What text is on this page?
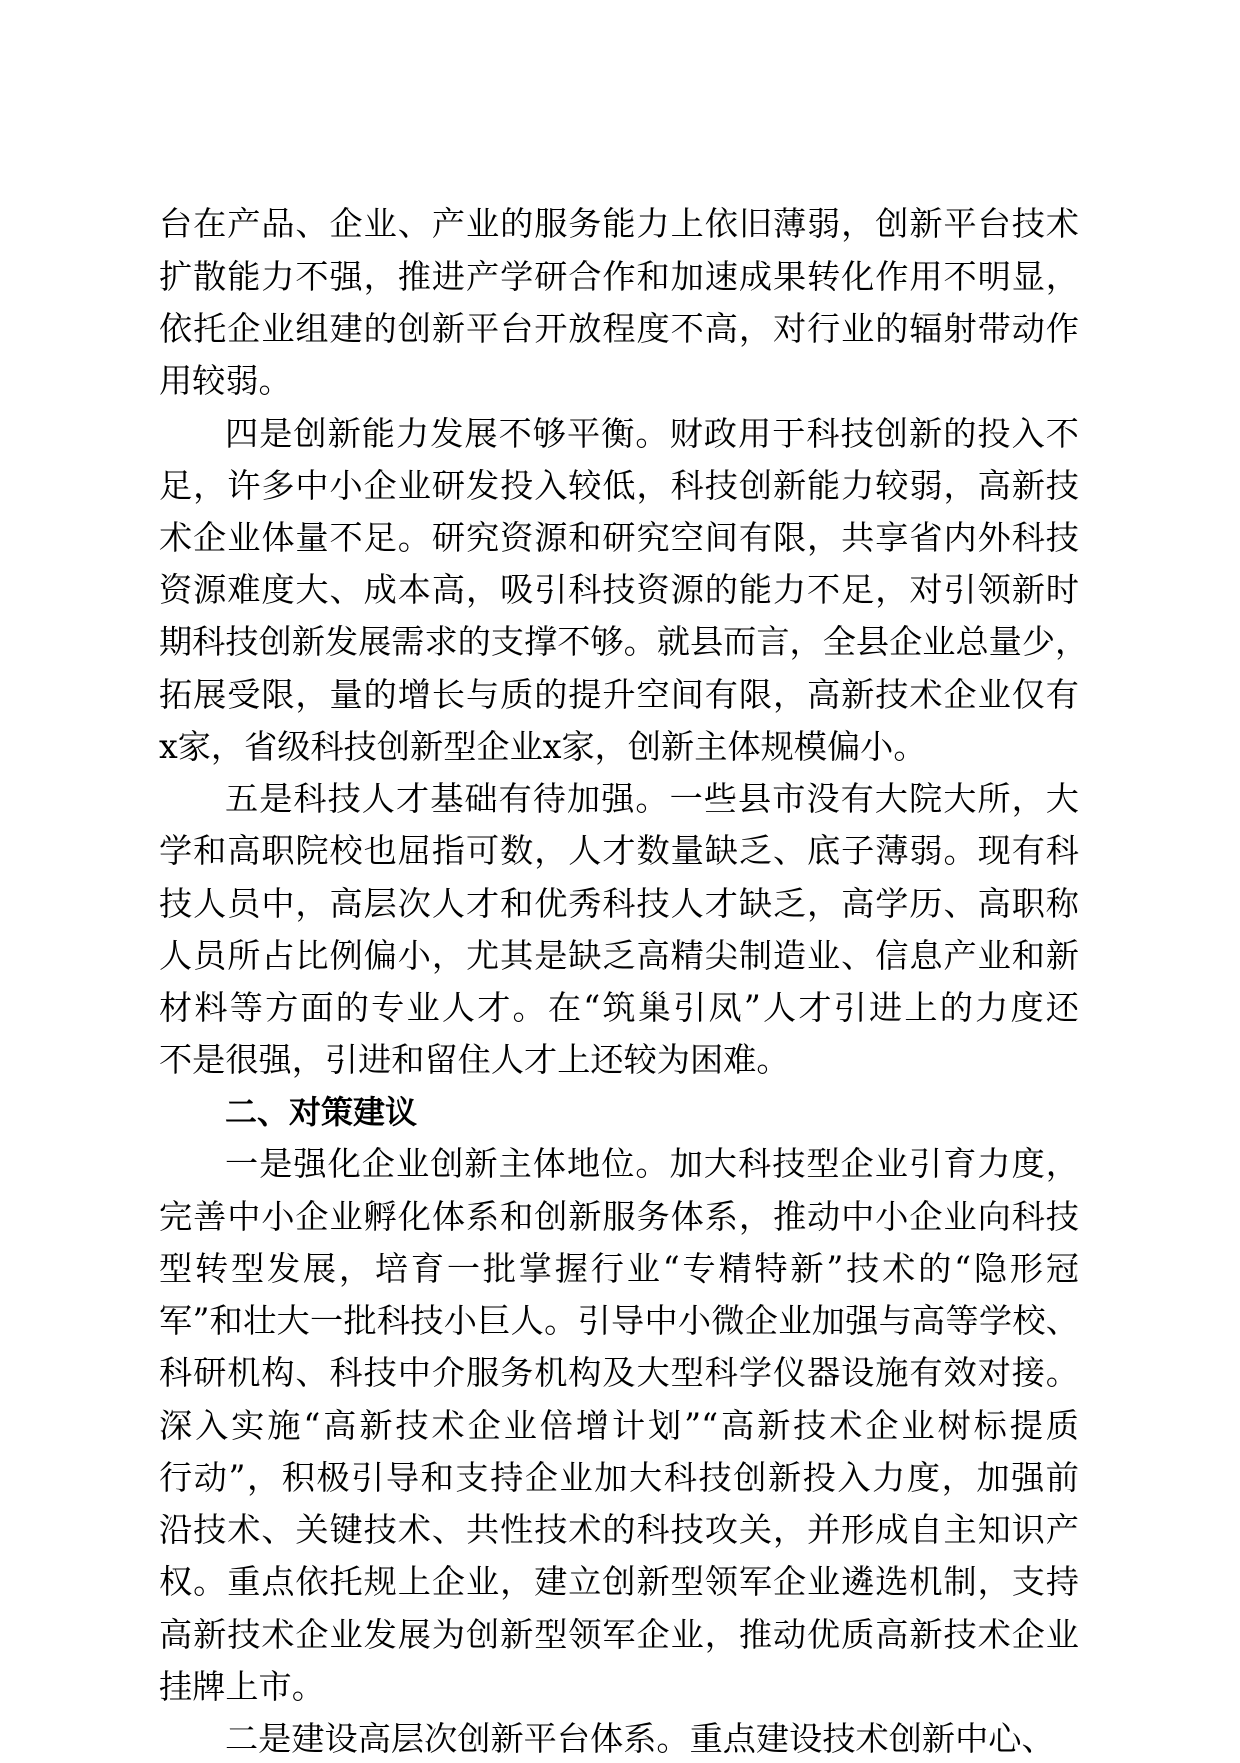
台在产品、企业、产业的服务能力上依旧薄弱，创新平台技术
扩散能力不强，推进产学研合作和加速成果转化作用不明显，
依托企业组建的创新平台开放程度不高，对行业的辐射带动作
用较弱。
四是创新能力发展不够平衡。财政用于科技创新的投入不
足，许多中小企业研发投入较低，科技创新能力较弱，高新技
术企业体量不足。研究资源和研究空间有限，共享省内外科技
资源难度大、成本高，吸引科技资源的能力不足，对引领新时
期科技创新发展需求的支撑不够。就县而言，全县企业总量少，
拓展受限，量的增长与质的提升空间有限，高新技术企业仅有
x家，省级科技创新型企业x家，创新主体规模偏小。
五是科技人才基础有待加强。一些县市没有大院大所，大
学和高职院校也屈指可数，人才数量缺乏、底子薄弱。现有科
技人员中，高层次人才和优秀科技人才缺乏，高学历、高职称
人员所占比例偏小，尤其是缺乏高精尖制造业、信息产业和新
材料等方面的专业人才。在“筑巢引凤”人才引进上的力度还
不是很强，引进和留住人才上还较为困难。
二、对策建议
一是强化企业创新主体地位。加大科技型企业引育力度，
完善中小企业孵化体系和创新服务体系，推动中小企业向科技
型转型发展，培育一批掌握行业“专精特新”技术的“隐形冠
军”和壮大一批科技小巨人。引导中小微企业加强与高等学校、
科研机构、科技中介服务机构及大型科学仪器设施有效对接。
深入实施“高新技术企业倍增计划”“高新技术企业树标提质
行动”，积极引导和支持企业加大科技创新投入力度，加强前
沿技术、关键技术、共性技术的科技攻关，并形成自主知识产
权。重点依托规上企业，建立创新型领军企业遴选机制，支持
高新技术企业发展为创新型领军企业，推动优质高新技术企业
挂牌上市。
二是建设高层次创新平台体系。重点建设技术创新中心、
